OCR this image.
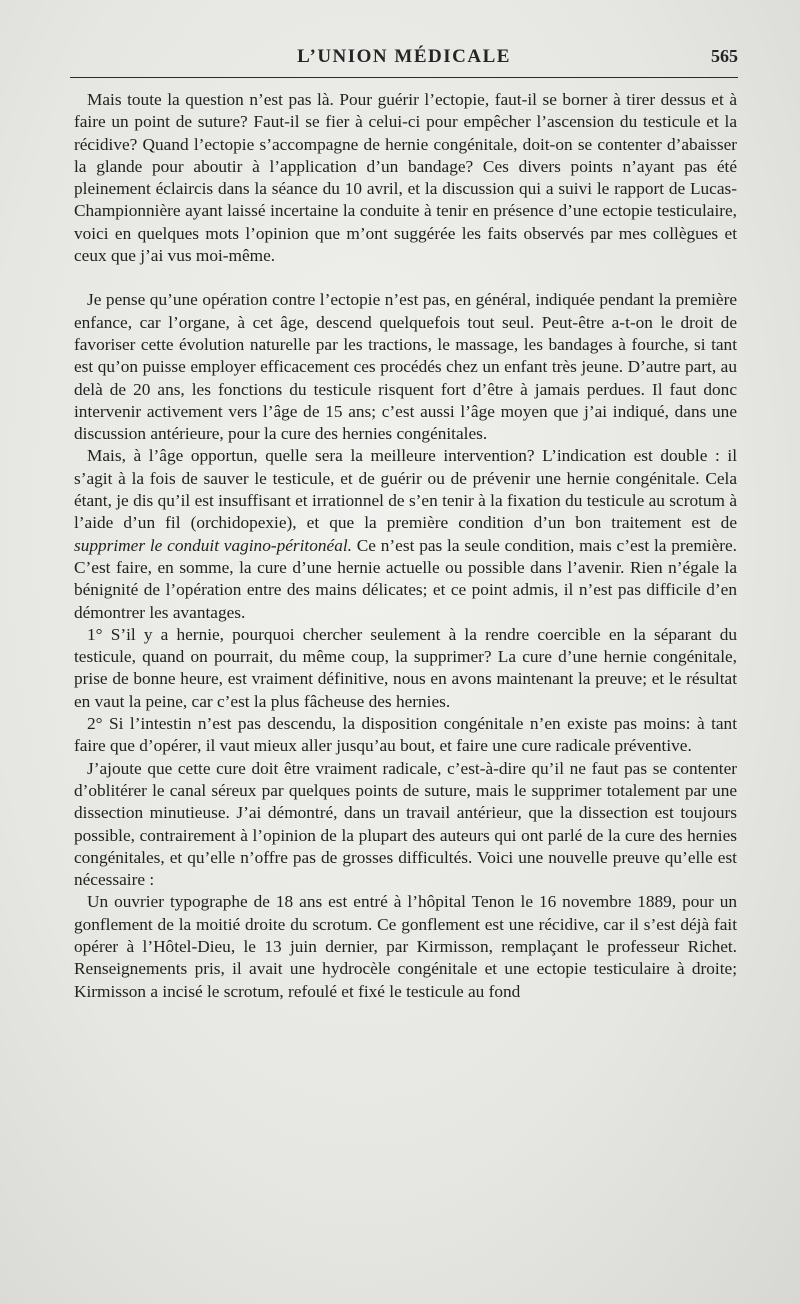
L’UNION MÉDICALE	565

Mais toute la question n’est pas là. Pour guérir l’ectopie, faut-il se borner à tirer dessus et à faire un point de suture? Faut-il se fier à celui-ci pour empêcher l’ascension du testicule et la récidive? Quand l’ectopie s’accompagne de hernie congénitale, doit-on se contenter d’abaisser la glande pour aboutir à l’application d’un bandage? Ces divers points n’ayant pas été pleinement éclaircis dans la séance du 10 avril, et la discussion qui a suivi le rapport de Lucas-Championnière ayant laissé incertaine la conduite à tenir en présence d’une ectopie testiculaire, voici en quelques mots l’opinion que m’ont suggérée les faits observés par mes collègues et ceux que j’ai vus moi-même.

Je pense qu’une opération contre l’ectopie n’est pas, en général, indiquée pendant la première enfance, car l’organe, à cet âge, descend quelquefois tout seul. Peut-être a-t-on le droit de favoriser cette évolution naturelle par les tractions, le massage, les bandages à fourche, si tant est qu’on puisse employer efficacement ces procédés chez un enfant très jeune. D’autre part, au delà de 20 ans, les fonctions du testicule risquent fort d’être à jamais perdues. Il faut donc intervenir activement vers l’âge de 15 ans; c’est aussi l’âge moyen que j’ai indiqué, dans une discussion antérieure, pour la cure des hernies congénitales.

Mais, à l’âge opportun, quelle sera la meilleure intervention? L’indication est double : il s’agit à la fois de sauver le testicule, et de guérir ou de prévenir une hernie congénitale. Cela étant, je dis qu’il est insuffisant et irrationnel de s’en tenir à la fixation du testicule au scrotum à l’aide d’un fil (orchidopexie), et que la première condition d’un bon traitement est de supprimer le conduit vagino-péritonéal. Ce n’est pas la seule condition, mais c’est la première. C’est faire, en somme, la cure d’une hernie actuelle ou possible dans l’avenir. Rien n’égale la bénignité de l’opération entre des mains délicates; et ce point admis, il n’est pas difficile d’en démontrer les avantages.

1° S’il y a hernie, pourquoi chercher seulement à la rendre coercible en la séparant du testicule, quand on pourrait, du même coup, la supprimer? La cure d’une hernie congénitale, prise de bonne heure, est vraiment définitive, nous en avons maintenant la preuve; et le résultat en vaut la peine, car c’est la plus fâcheuse des hernies.

2° Si l’intestin n’est pas descendu, la disposition congénitale n’en existe pas moins: à tant faire que d’opérer, il vaut mieux aller jusqu’au bout, et faire une cure radicale préventive.

J’ajoute que cette cure doit être vraiment radicale, c’est-à-dire qu’il ne faut pas se contenter d’oblitérer le canal séreux par quelques points de suture, mais le supprimer totalement par une dissection minutieuse. J’ai démontré, dans un travail antérieur, que la dissection est toujours possible, contrairement à l’opinion de la plupart des auteurs qui ont parlé de la cure des hernies congénitales, et qu’elle n’offre pas de grosses difficultés. Voici une nouvelle preuve qu’elle est nécessaire :

Un ouvrier typographe de 18 ans est entré à l’hôpital Tenon le 16 novembre 1889, pour un gonflement de la moitié droite du scrotum. Ce gonflement est une récidive, car il s’est déjà fait opérer à l’Hôtel-Dieu, le 13 juin dernier, par Kirmisson, remplaçant le professeur Richet. Renseignements pris, il avait une hydrocèle congénitale et une ectopie testiculaire à droite; Kirmisson a incisé le scrotum, refoulé et fixé le testicule au fond
